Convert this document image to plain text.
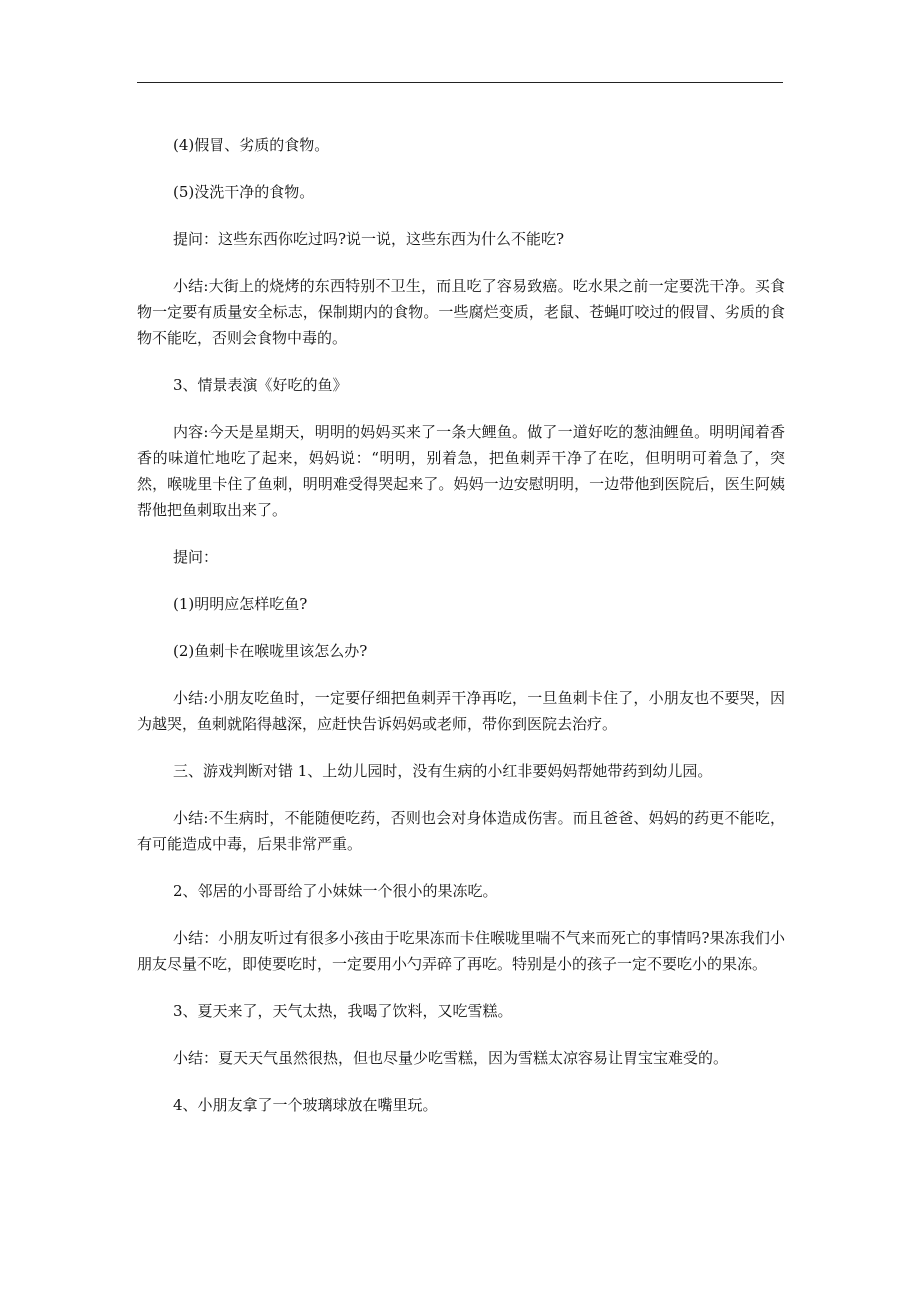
(4)假冒、劣质的食物。

(5)没洗干净的食物。

提问：这些东西你吃过吗?说一说，这些东西为什么不能吃?

小结:大街上的烧烤的东西特别不卫生，而且吃了容易致癌。吃水果之前一定要洗干净。买食物一定要有质量安全标志，保制期内的食物。一些腐烂变质，老鼠、苍蝇叮咬过的假冒、劣质的食物不能吃，否则会食物中毒的。

3、情景表演《好吃的鱼》

内容:今天是星期天，明明的妈妈买来了一条大鲤鱼。做了一道好吃的葱油鲤鱼。明明闻着香香的味道忙地吃了起来，妈妈说：“明明，别着急，把鱼刺弄干净了在吃，但明明可着急了，突然，喉咙里卡住了鱼刺，明明难受得哭起来了。妈妈一边安慰明明，一边带他到医院后，医生阿姨帮他把鱼刺取出来了。

提问：

(1)明明应怎样吃鱼?

(2)鱼刺卡在喉咙里该怎么办?

小结:小朋友吃鱼时，一定要仔细把鱼刺弄干净再吃，一旦鱼刺卡住了，小朋友也不要哭，因为越哭，鱼刺就陷得越深，应赶快告诉妈妈或老师，带你到医院去治疗。

三、游戏判断对错 1、上幼儿园时，没有生病的小红非要妈妈帮她带药到幼儿园。

小结:不生病时，不能随便吃药，否则也会对身体造成伤害。而且爸爸、妈妈的药更不能吃，有可能造成中毒，后果非常严重。

2、邻居的小哥哥给了小妹妹一个很小的果冻吃。

小结：小朋友听过有很多小孩由于吃果冻而卡住喉咙里喘不气来而死亡的事情吗?果冻我们小朋友尽量不吃，即使要吃时，一定要用小勺弄碎了再吃。特别是小的孩子一定不要吃小的果冻。

3、夏天来了，天气太热，我喝了饮料，又吃雪糕。

小结：夏天天气虽然很热，但也尽量少吃雪糕，因为雪糕太凉容易让胃宝宝难受的。

4、小朋友拿了一个玻璃球放在嘴里玩。
